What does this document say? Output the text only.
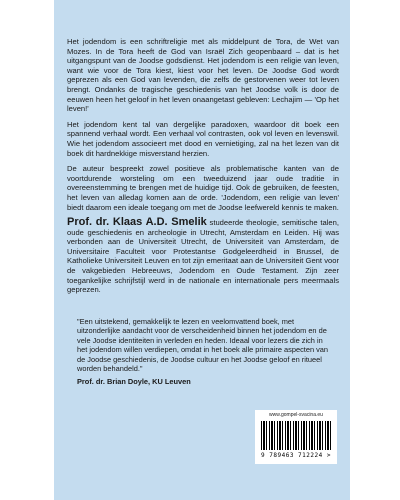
Het jodendom is een schriftreligie met als middelpunt de Tora, de Wet van Mozes. In de Tora heeft de God van Israël Zich geopenbaard – dat is het uitgangspunt van de Joodse godsdienst. Het jodendom is een religie van leven, want wie voor de Tora kiest, kiest voor het leven. De Joodse God wordt geprezen als een God van levenden, die zelfs de gestorvenen weer tot leven brengt. Ondanks de tragische geschiedenis van het Joodse volk is door de eeuwen heen het geloof in het leven onaangetast gebleven: Lechajim — 'Op het leven!'

Het jodendom kent tal van dergelijke paradoxen, waardoor dit boek een spannend verhaal wordt. Een verhaal vol contrasten, ook vol leven en levenswil. Wie het jodendom associeert met dood en vernietiging, zal na het lezen van dit boek dit hardnekkige misverstand herzien.

De auteur bespreekt zowel positieve als problematische kanten van de voortdurende worsteling om een tweeduizend jaar oude traditie in overeenstemming te brengen met de huidige tijd. Ook de gebruiken, de feesten, het leven van alledag komen aan de orde. 'Jodendom, een religie van leven' biedt daarom een ideale toegang om met de Joodse leefwereld kennis te maken.

Prof. dr. Klaas A.D. Smelik studeerde theologie, semitische talen, oude geschiedenis en archeologie in Utrecht, Amsterdam en Leiden. Hij was verbonden aan de Universiteit Utrecht, de Universiteit van Amsterdam, de Universitaire Faculteit voor Protestantse Godgeleerdheid in Brussel, de Katholieke Universiteit Leuven en tot zijn emeritaat aan de Universiteit Gent voor de vakgebieden Hebreeuws, Jodendom en Oude Testament. Zijn zeer toegankelijke schrijfstijl werd in de nationale en internationale pers meermaals geprezen.

"Een uitstekend, gemakkelijk te lezen en veelomvattend boek, met uitzonderlijke aandacht voor de verscheidenheid binnen het jodendom en de vele Joodse identiteiten in verleden en heden. Ideaal voor lezers die zich in het jodendom willen verdiepen, omdat in het boek alle primaire aspecten van de Joodse geschiedenis, de Joodse cultuur en het Joodse geloof en ritueel worden behandeld."
Prof. dr. Brian Doyle, KU Leuven
www.gompel-svacina.eu
9 789463 712224 >
